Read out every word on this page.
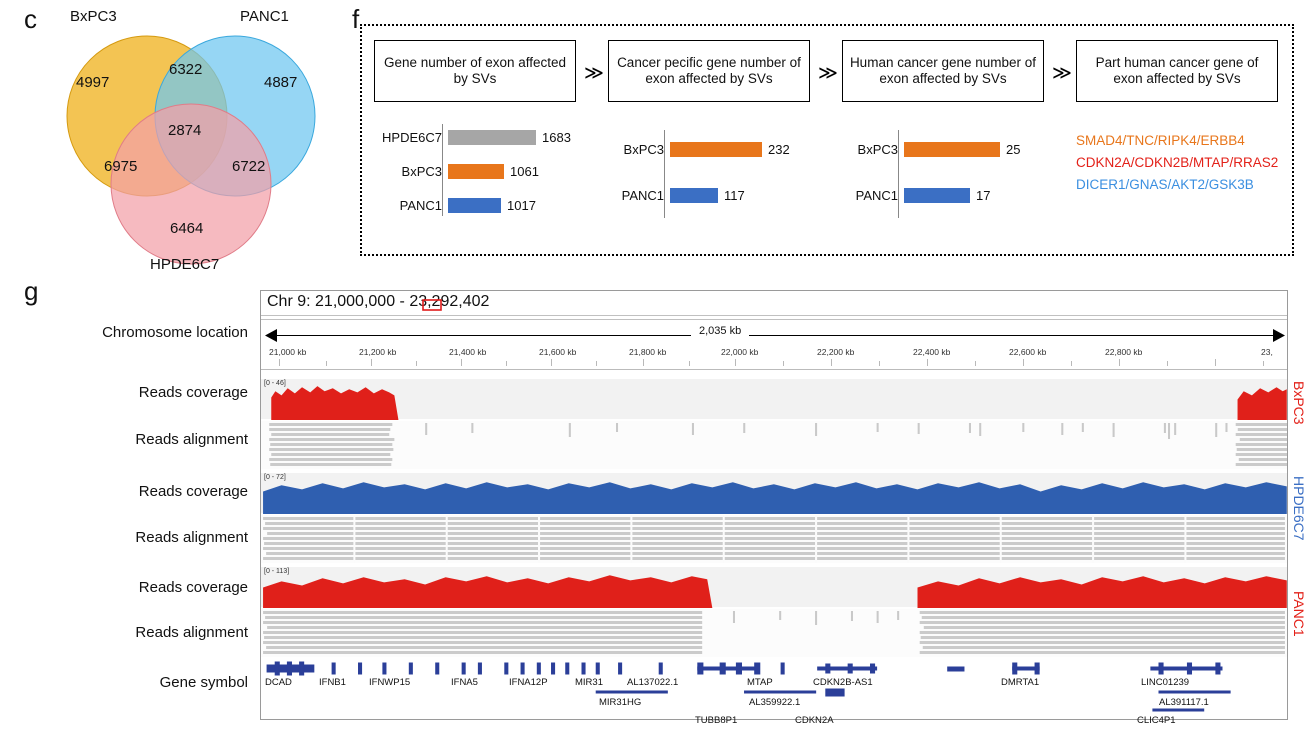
c BxPC3	PANC1
HPDE6C7
4997	4887
6464
6322
6975	6722
2874
f
Gene number of exon affected by SVs	≫
Cancer pecific gene number of exon affected by SVs	≫
Human cancer gene number of exon affected by SVs	≫
Part human cancer gene of exon affected by SVs
HPDE6C7	1683
BxPC3	1061
PANC1	1017
BxPC3	232
PANC1	117
BxPC3	25
PANC1	17
SMAD4/TNC/RIPK4/ERBB4
CDKN2A/CDKN2B/MTAP/RRAS2
DICER1/GNAS/AKT2/GSK3B
g
Chromosome location
Reads coverage
Reads alignment
Reads coverage
Reads alignment
Reads coverage
Reads alignment
Gene symbol
Chr 9: 21,000,000 - 23,292,402
2,035 kb
21,000 kb	21,200 kb	21,400 kb	21,600 kb	21,800 kb	22,000 kb	22,200 kb	22,400 kb	22,600 kb	22,800 kb	23,
[0 - 46]	BxPC3
[0 - 72]	HPDE6C7
[0 - 113]
PANC1
DCAD	IFNB1 IFNWP15	IFNA5	IFNA12P	MIR31	AL137022.1	MTAP	CDKN2B-AS1	DMRTA1	LINC01239
MIR31HG	AL359922.1	AL391117.1
TUBB8P1	CDKN2A	CLIC4P1
